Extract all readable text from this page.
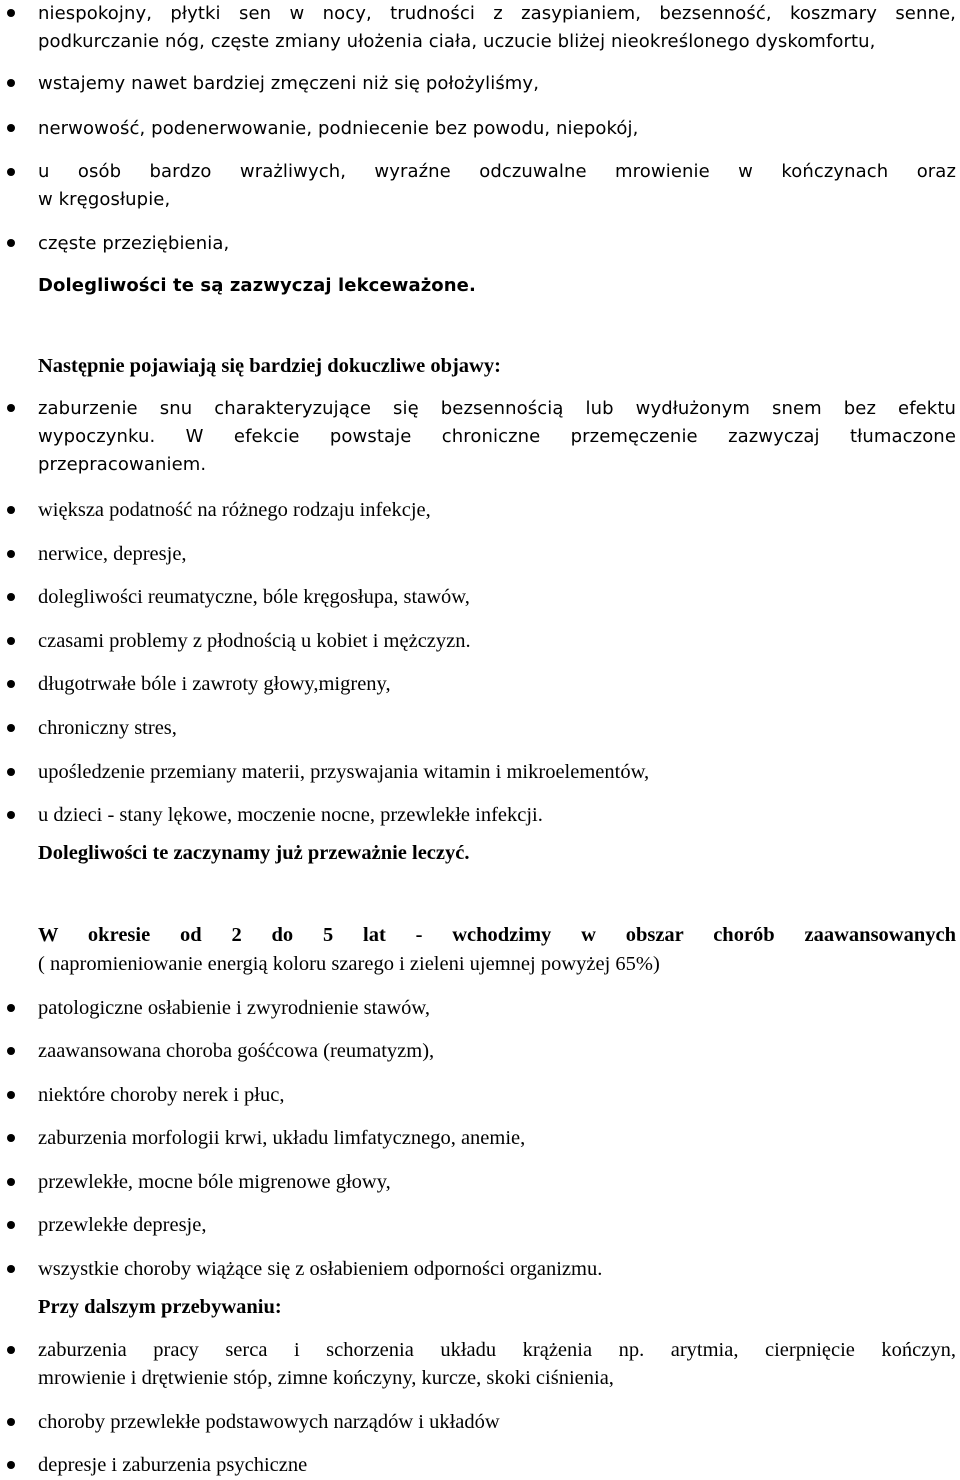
niespokojny, płytki sen w nocy, trudności z zasypianiem, bezsenność, koszmary senne,
podkurczanie nóg, częste zmiany ułożenia ciała, uczucie bliżej nieokreślonego dyskomfortu,
wstajemy nawet bardziej zmęczeni niż się położyliśmy,
nerwowość, podenerwowanie, podniecenie bez powodu, niepokój,
u osób bardzo wrażliwych, wyraźne odczuwalne mrowienie w kończynach oraz
w kręgosłupie,
częste przeziębienia,
Dolegliwości te są zazwyczaj lekceważone.
Następnie pojawiają się bardziej dokuczliwe objawy:
zaburzenie snu charakteryzujące się bezsennością lub wydłużonym snem bez efektu
wypoczynku. W efekcie powstaje chroniczne przemęczenie zazwyczaj tłumaczone
przepracowaniem.
większa podatność na różnego rodzaju infekcje,
nerwice, depresje,
dolegliwości reumatyczne, bóle kręgosłupa, stawów,
czasami problemy z płodnością u kobiet i mężczyzn.
długotrwałe bóle i zawroty głowy,migreny,
chroniczny stres,
upośledzenie przemiany materii, przyswajania witamin i mikroelementów,
u dzieci - stany lękowe, moczenie nocne, przewlekłe infekcji.
Dolegliwości te zaczynamy już przeważnie leczyć.
W okresie od 2 do 5 lat - wchodzimy w obszar chorób zaawansowanych
( napromieniowanie energią koloru szarego i zieleni ujemnej powyżej 65%)
patologiczne osłabienie i zwyrodnienie stawów,
zaawansowana choroba gośćcowa (reumatyzm),
niektóre choroby nerek i płuc,
zaburzenia morfologii krwi, układu limfatycznego, anemie,
przewlekłe, mocne bóle migrenowe głowy,
przewlekłe depresje,
wszystkie choroby wiążące się z osłabieniem odporności organizmu.
Przy dalszym przebywaniu:
zaburzenia pracy serca i schorzenia układu krążenia np. arytmia, cierpnięcie kończyn,
mrowienie i drętwienie stóp, zimne kończyny, kurcze, skoki ciśnienia,
choroby przewlekłe podstawowych narządów i układów
depresje i zaburzenia psychiczne
